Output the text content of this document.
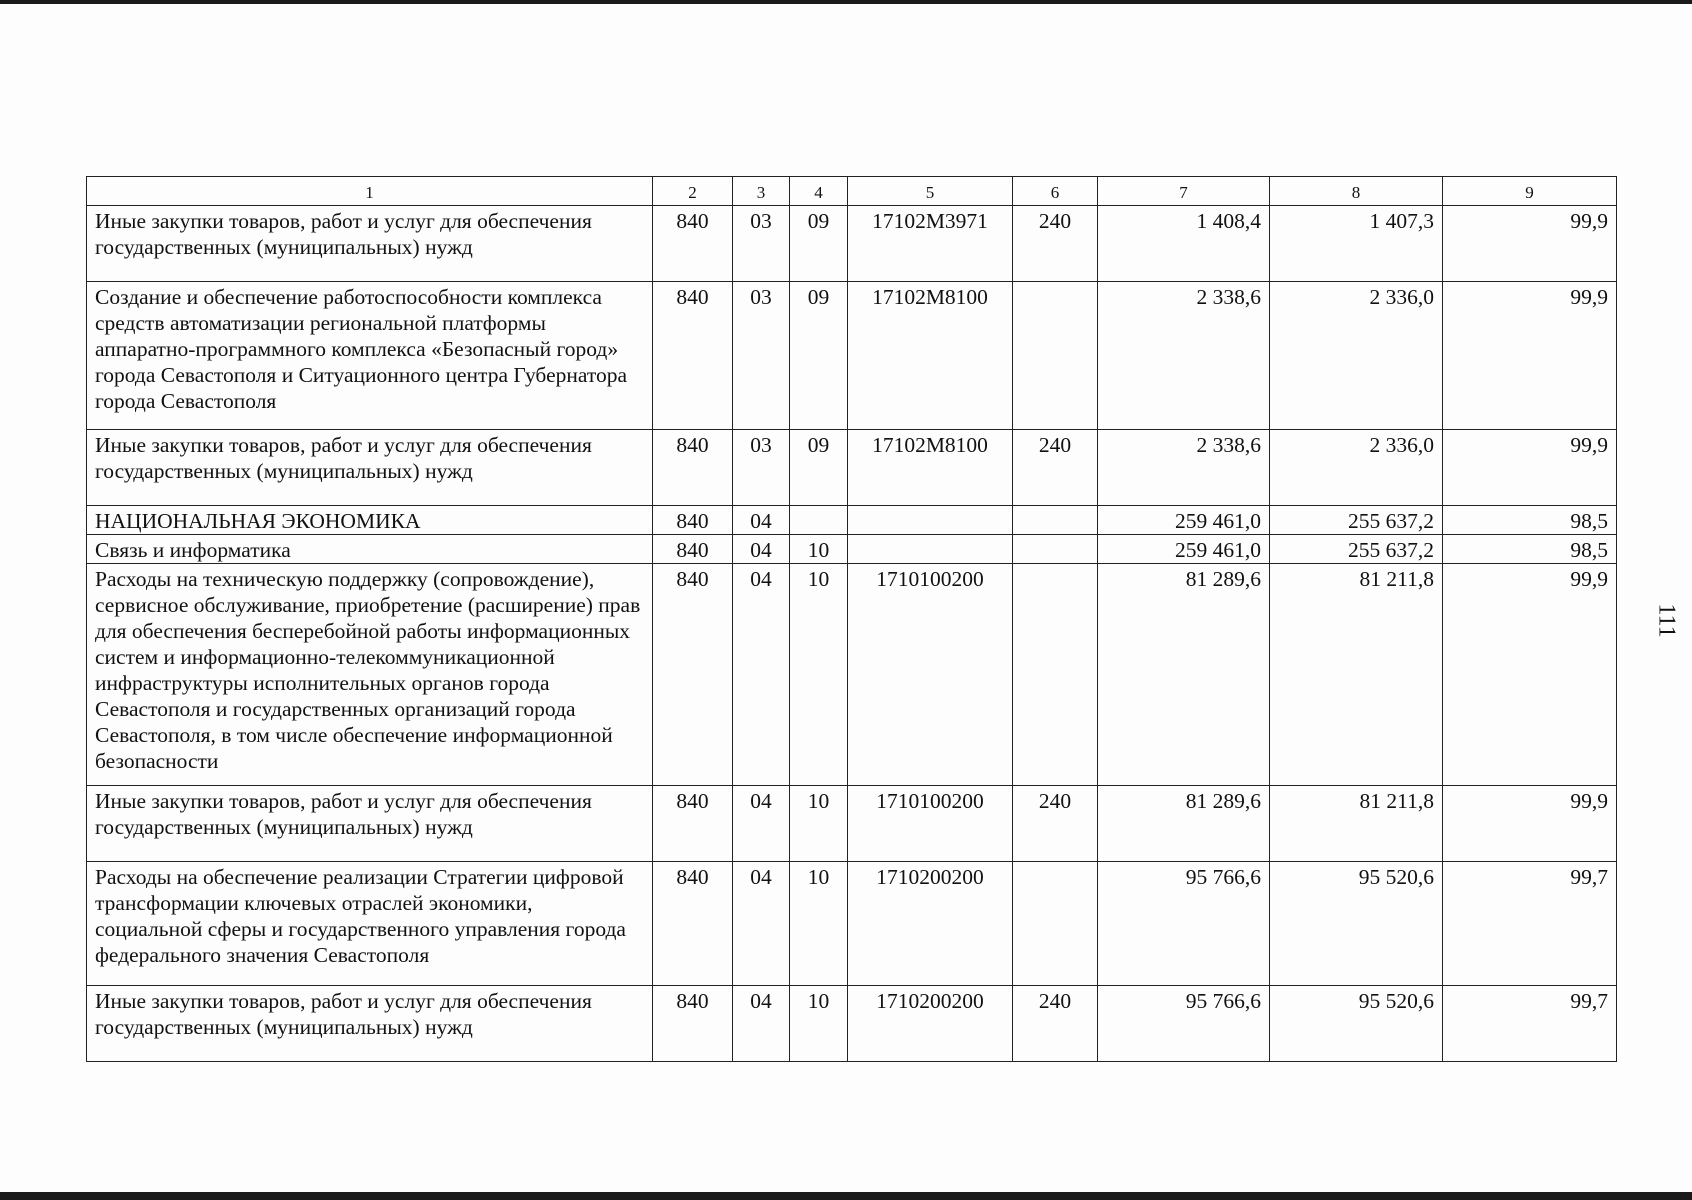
1	2	3	4	5	6	7	8	9
Иные закупки товаров, работ и услуг для обеспечения государственных (муниципальных) нужд	840	03	09	17102M3971	240	1 408,4	1 407,3	99,9
Создание и обеспечение работоспособности комплекса средств автоматизации региональной платформы аппаратно-программного комплекса «Безопасный город» города Севастополя и Ситуационного центра Губернатора города Севастополя	840	03	09	17102M8100		2 338,6	2 336,0	99,9
Иные закупки товаров, работ и услуг для обеспечения государственных (муниципальных) нужд	840	03	09	17102M8100	240	2 338,6	2 336,0	99,9
НАЦИОНАЛЬНАЯ ЭКОНОМИКА	840	04				259 461,0	255 637,2	98,5
Связь и информатика	840	04	10			259 461,0	255 637,2	98,5
Расходы на техническую поддержку (сопровождение), сервисное обслуживание, приобретение (расширение) прав для обеспечения бесперебойной работы информационных систем и информационно-телекоммуникационной инфраструктуры исполнительных органов города Севастополя и государственных организаций города Севастополя, в том числе обеспечение информационной безопасности	840	04	10	1710100200		81 289,6	81 211,8	99,9
Иные закупки товаров, работ и услуг для обеспечения государственных (муниципальных) нужд	840	04	10	1710100200	240	81 289,6	81 211,8	99,9
Расходы на обеспечение реализации Стратегии цифровой трансформации ключевых отраслей экономики, социальной сферы и государственного управления города федерального значения Севастополя	840	04	10	1710200200		95 766,6	95 520,6	99,7
Иные закупки товаров, работ и услуг для обеспечения государственных (муниципальных) нужд	840	04	10	1710200200	240	95 766,6	95 520,6	99,7
111
